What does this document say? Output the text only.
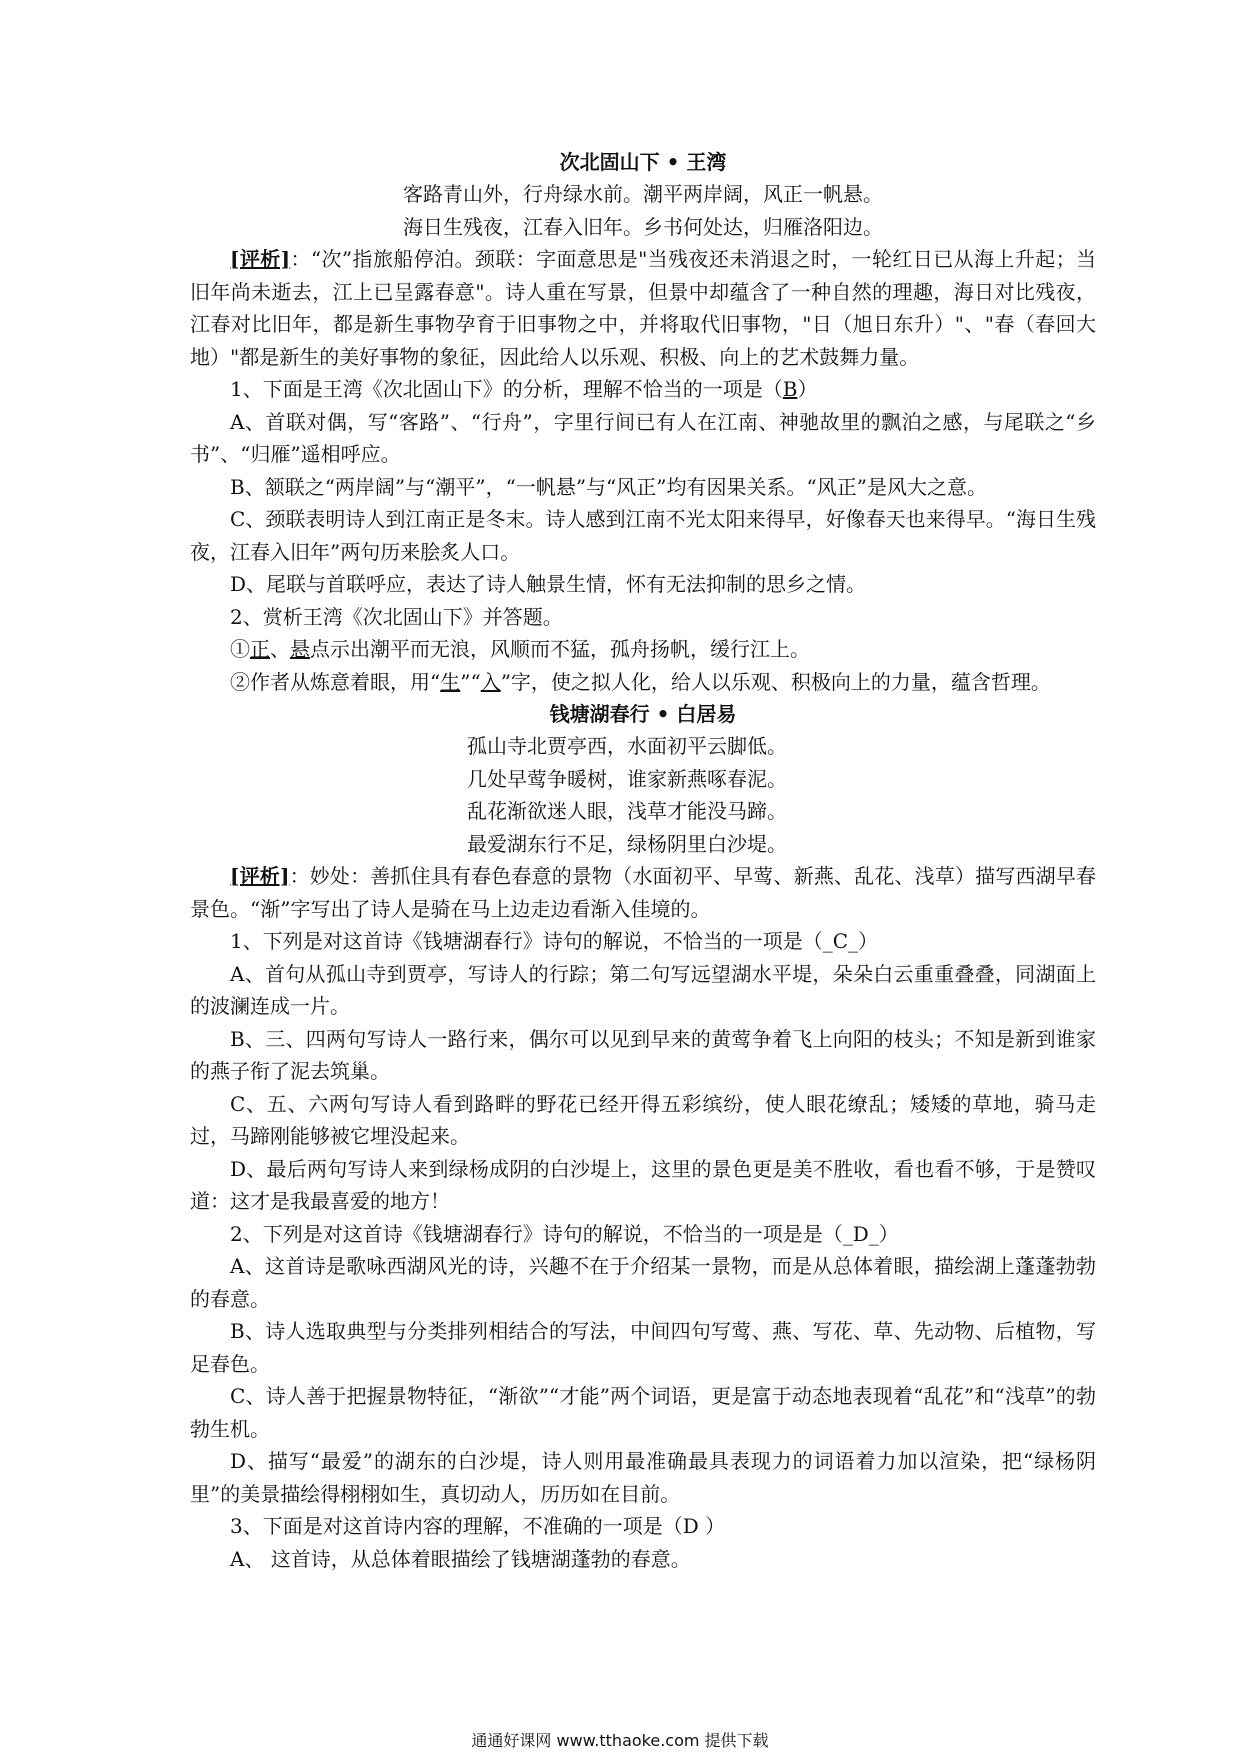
次北固山下 • 王湾

客路青山外，行舟绿水前。潮平两岸阔，风正一帆悬。

海日生残夜，江春入旧年。乡书何处达，归雁洛阳边。

[评析]：“次”指旅船停泊。颈联：字面意思是"当残夜还未消退之时，一轮红日已从海上升起；当旧年尚未逝去，江上已呈露春意"。诗人重在写景，但景中却蕴含了一种自然的理趣，海日对比残夜，江春对比旧年，都是新生事物孕育于旧事物之中，并将取代旧事物，"日（旭日东升）"、"春（春回大地）"都是新生的美好事物的象征，因此给人以乐观、积极、向上的艺术鼓舞力量。

1、下面是王湾《次北固山下》的分析，理解不恰当的一项是（B）

A、首联对偶，写“客路”、“行舟”，字里行间已有人在江南、神驰故里的飘泊之感，与尾联之“乡书”、“归雁”遥相呼应。

B、颔联之“两岸阔”与“潮平”，“一帆悬”与“风正”均有因果关系。“风正”是风大之意。

C、颈联表明诗人到江南正是冬末。诗人感到江南不光太阳来得早，好像春天也来得早。“海日生残夜，江春入旧年”两句历来脍炙人口。

D、尾联与首联呼应，表达了诗人触景生情，怀有无法抑制的思乡之情。

2、赏析王湾《次北固山下》并答题。

①正、悬点示出潮平而无浪，风顺而不猛，孤舟扬帆，缓行江上。

②作者从炼意着眼，用“生”“入”字，使之拟人化，给人以乐观、积极向上的力量，蕴含哲理。

钱塘湖春行 • 白居易

孤山寺北贾亭西，水面初平云脚低。

几处早莺争暖树，谁家新燕啄春泥。

乱花渐欲迷人眼，浅草才能没马蹄。

最爱湖东行不足，绿杨阴里白沙堤。

[评析]：妙处：善抓住具有春色春意的景物（水面初平、早莺、新燕、乱花、浅草）描写西湖早春景色。“渐”字写出了诗人是骑在马上边走边看渐入佳境的。

1、下列是对这首诗《钱塘湖春行》诗句的解说，不恰当的一项是（_C_）

A、首句从孤山寺到贾亭，写诗人的行踪；第二句写远望湖水平堤，朵朵白云重重叠叠，同湖面上的波澜连成一片。

B、三、四两句写诗人一路行来，偶尔可以见到早来的黄莺争着飞上向阳的枝头；不知是新到谁家的燕子衔了泥去筑巢。

C、五、六两句写诗人看到路畔的野花已经开得五彩缤纷，使人眼花缭乱；矮矮的草地，骑马走过，马蹄刚能够被它埋没起来。

D、最后两句写诗人来到绿杨成阴的白沙堤上，这里的景色更是美不胜收，看也看不够，于是赞叹道：这才是我最喜爱的地方！

2、下列是对这首诗《钱塘湖春行》诗句的解说，不恰当的一项是是（_D_）

A、这首诗是歌咏西湖风光的诗，兴趣不在于介绍某一景物，而是从总体着眼，描绘湖上蓬蓬勃勃的春意。

B、诗人选取典型与分类排列相结合的写法，中间四句写莺、燕、写花、草、先动物、后植物，写足春色。

C、诗人善于把握景物特征，“渐欲”“才能”两个词语，更是富于动态地表现着“乱花”和“浅草”的勃勃生机。

D、描写“最爱”的湖东的白沙堤，诗人则用最准确最具表现力的词语着力加以渲染，把“绿杨阴里”的美景描绘得栩栩如生，真切动人，历历如在目前。

3、下面是对这首诗内容的理解，不准确的一项是（D ）

A、 这首诗，从总体着眼描绘了钱塘湖蓬勃的春意。

通通好课网 www.tthaoke.com 提供下载
